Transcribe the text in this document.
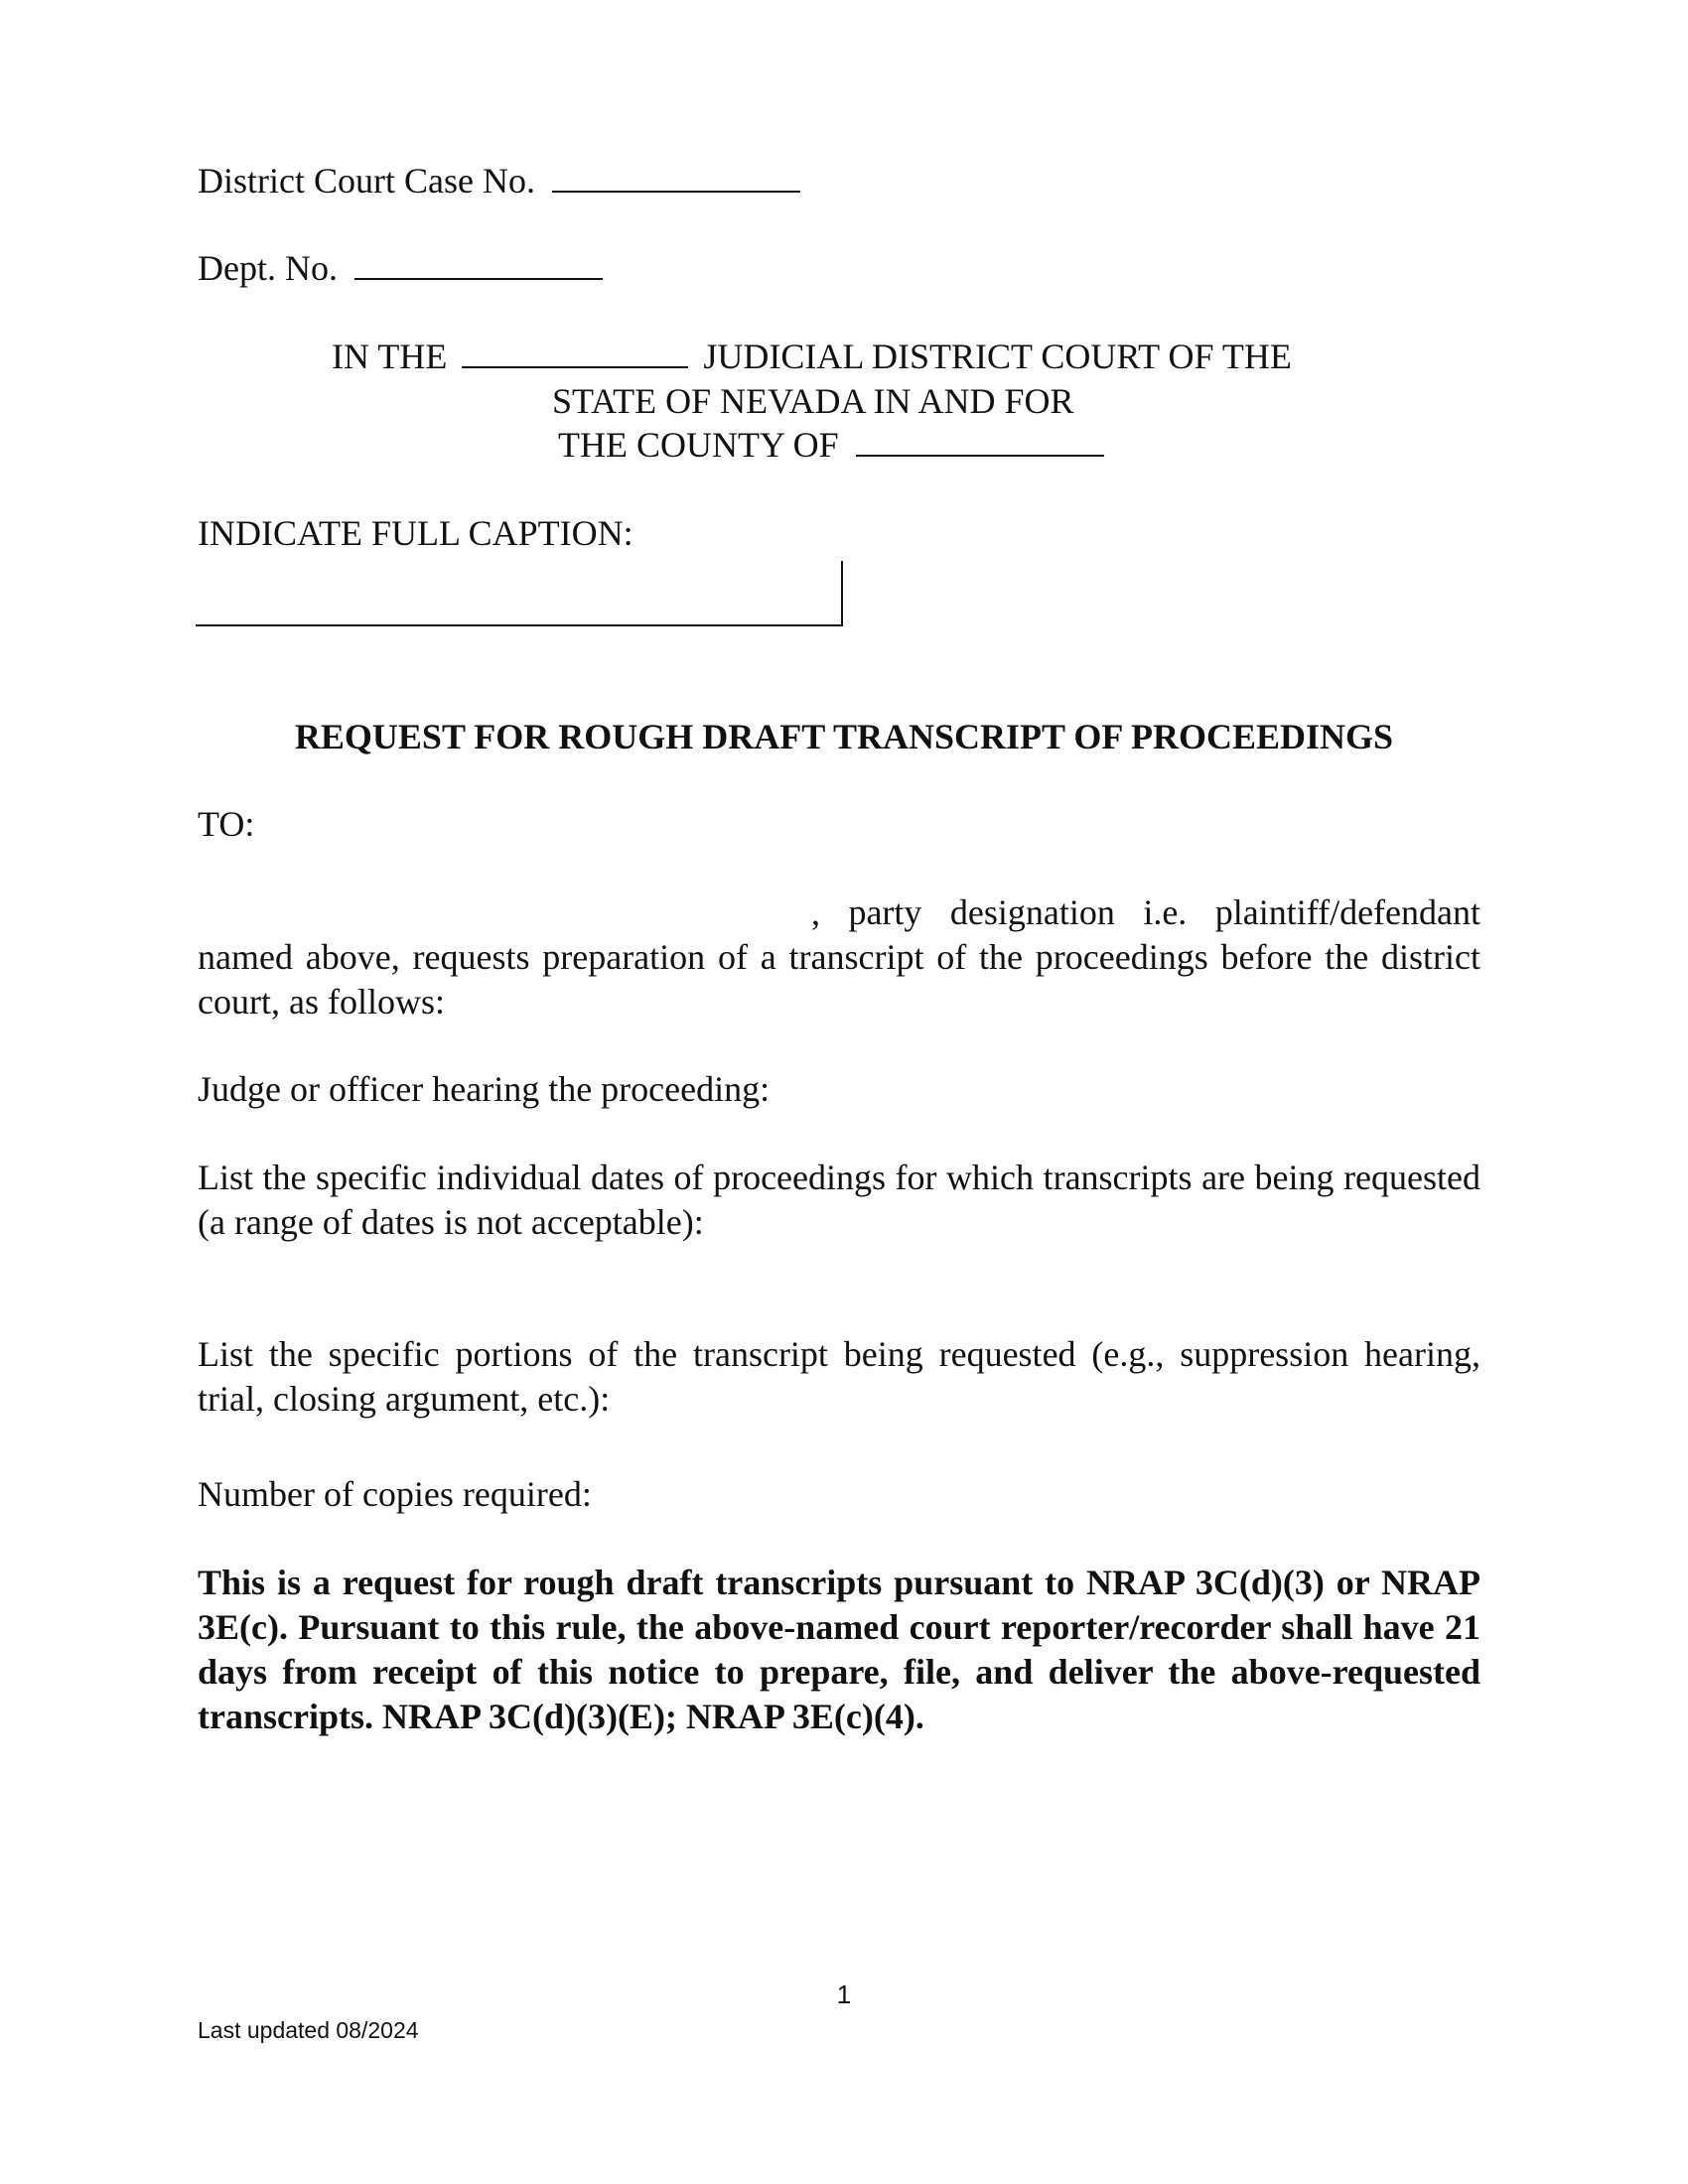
District Court Case No.
Dept. No.
IN THE	JUDICIAL DISTRICT COURT OF THE
STATE OF NEVADA IN AND FOR
THE COUNTY OF
INDICATE FULL CAPTION:
REQUEST FOR ROUGH DRAFT TRANSCRIPT OF PROCEEDINGS
TO:
, party designation i.e. plaintiff/defendant named above, requests preparation of a transcript of the proceedings before the district court, as follows:
Judge or officer hearing the proceeding:
List the specific individual dates of proceedings for which transcripts are being requested (a range of dates is not acceptable):
List the specific portions of the transcript being requested (e.g., suppression hearing, trial, closing argument, etc.):
Number of copies required:
This is a request for rough draft transcripts pursuant to NRAP 3C(d)(3) or NRAP 3E(c). Pursuant to this rule, the above-named court reporter/recorder shall have 21 days from receipt of this notice to prepare, file, and deliver the above-requested transcripts. NRAP 3C(d)(3)(E); NRAP 3E(c)(4).
1
Last updated 08/2024
